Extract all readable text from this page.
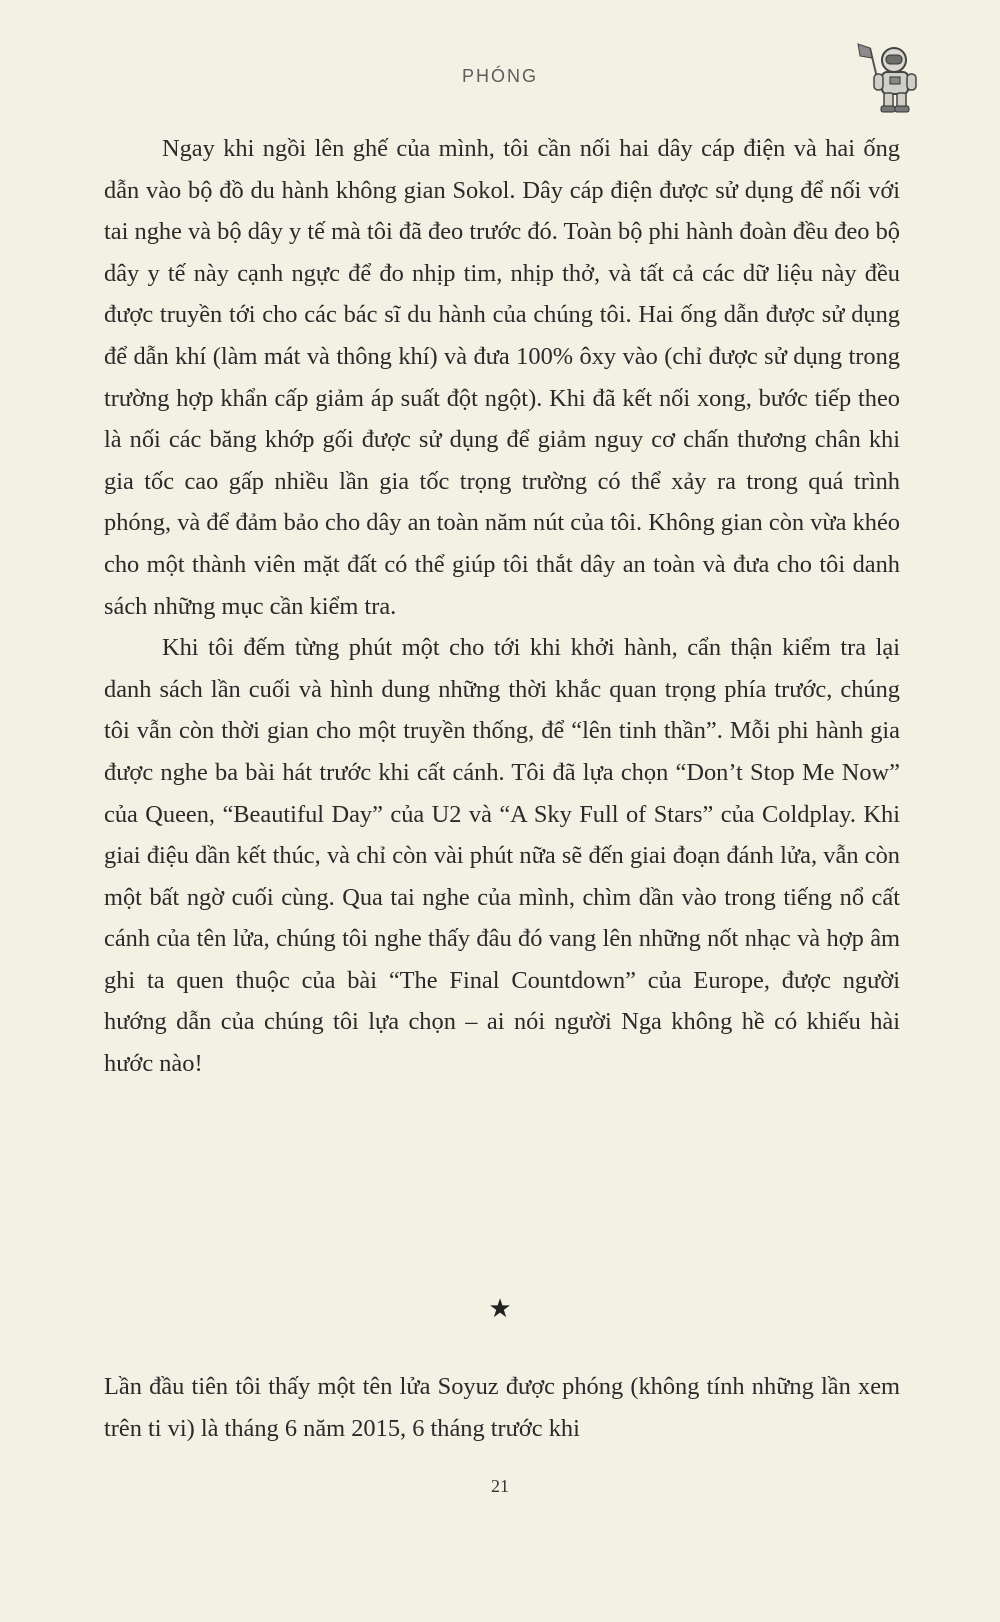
PHÓNG

Ngay khi ngồi lên ghế của mình, tôi cần nối hai dây cáp điện và hai ống dẫn vào bộ đồ du hành không gian Sokol. Dây cáp điện được sử dụng để nối với tai nghe và bộ dây y tế mà tôi đã đeo trước đó. Toàn bộ phi hành đoàn đều đeo bộ dây y tế này cạnh ngực để đo nhịp tim, nhịp thở, và tất cả các dữ liệu này đều được truyền tới cho các bác sĩ du hành của chúng tôi. Hai ống dẫn được sử dụng để dẫn khí (làm mát và thông khí) và đưa 100% ôxy vào (chỉ được sử dụng trong trường hợp khẩn cấp giảm áp suất đột ngột). Khi đã kết nối xong, bước tiếp theo là nối các băng khớp gối được sử dụng để giảm nguy cơ chấn thương chân khi gia tốc cao gấp nhiều lần gia tốc trọng trường có thể xảy ra trong quá trình phóng, và để đảm bảo cho dây an toàn năm nút của tôi. Không gian còn vừa khéo cho một thành viên mặt đất có thể giúp tôi thắt dây an toàn và đưa cho tôi danh sách những mục cần kiểm tra.

Khi tôi đếm từng phút một cho tới khi khởi hành, cẩn thận kiểm tra lại danh sách lần cuối và hình dung những thời khắc quan trọng phía trước, chúng tôi vẫn còn thời gian cho một truyền thống, để “lên tinh thần”. Mỗi phi hành gia được nghe ba bài hát trước khi cất cánh. Tôi đã lựa chọn “Don’t Stop Me Now” của Queen, “Beautiful Day” của U2 và “A Sky Full of Stars” của Coldplay. Khi giai điệu dần kết thúc, và chỉ còn vài phút nữa sẽ đến giai đoạn đánh lửa, vẫn còn một bất ngờ cuối cùng. Qua tai nghe của mình, chìm dần vào trong tiếng nổ cất cánh của tên lửa, chúng tôi nghe thấy đâu đó vang lên những nốt nhạc và hợp âm ghi ta quen thuộc của bài “The Final Countdown” của Europe, được người hướng dẫn của chúng tôi lựa chọn – ai nói người Nga không hề có khiếu hài hước nào!

★

Lần đầu tiên tôi thấy một tên lửa Soyuz được phóng (không tính những lần xem trên ti vi) là tháng 6 năm 2015, 6 tháng trước khi

21
